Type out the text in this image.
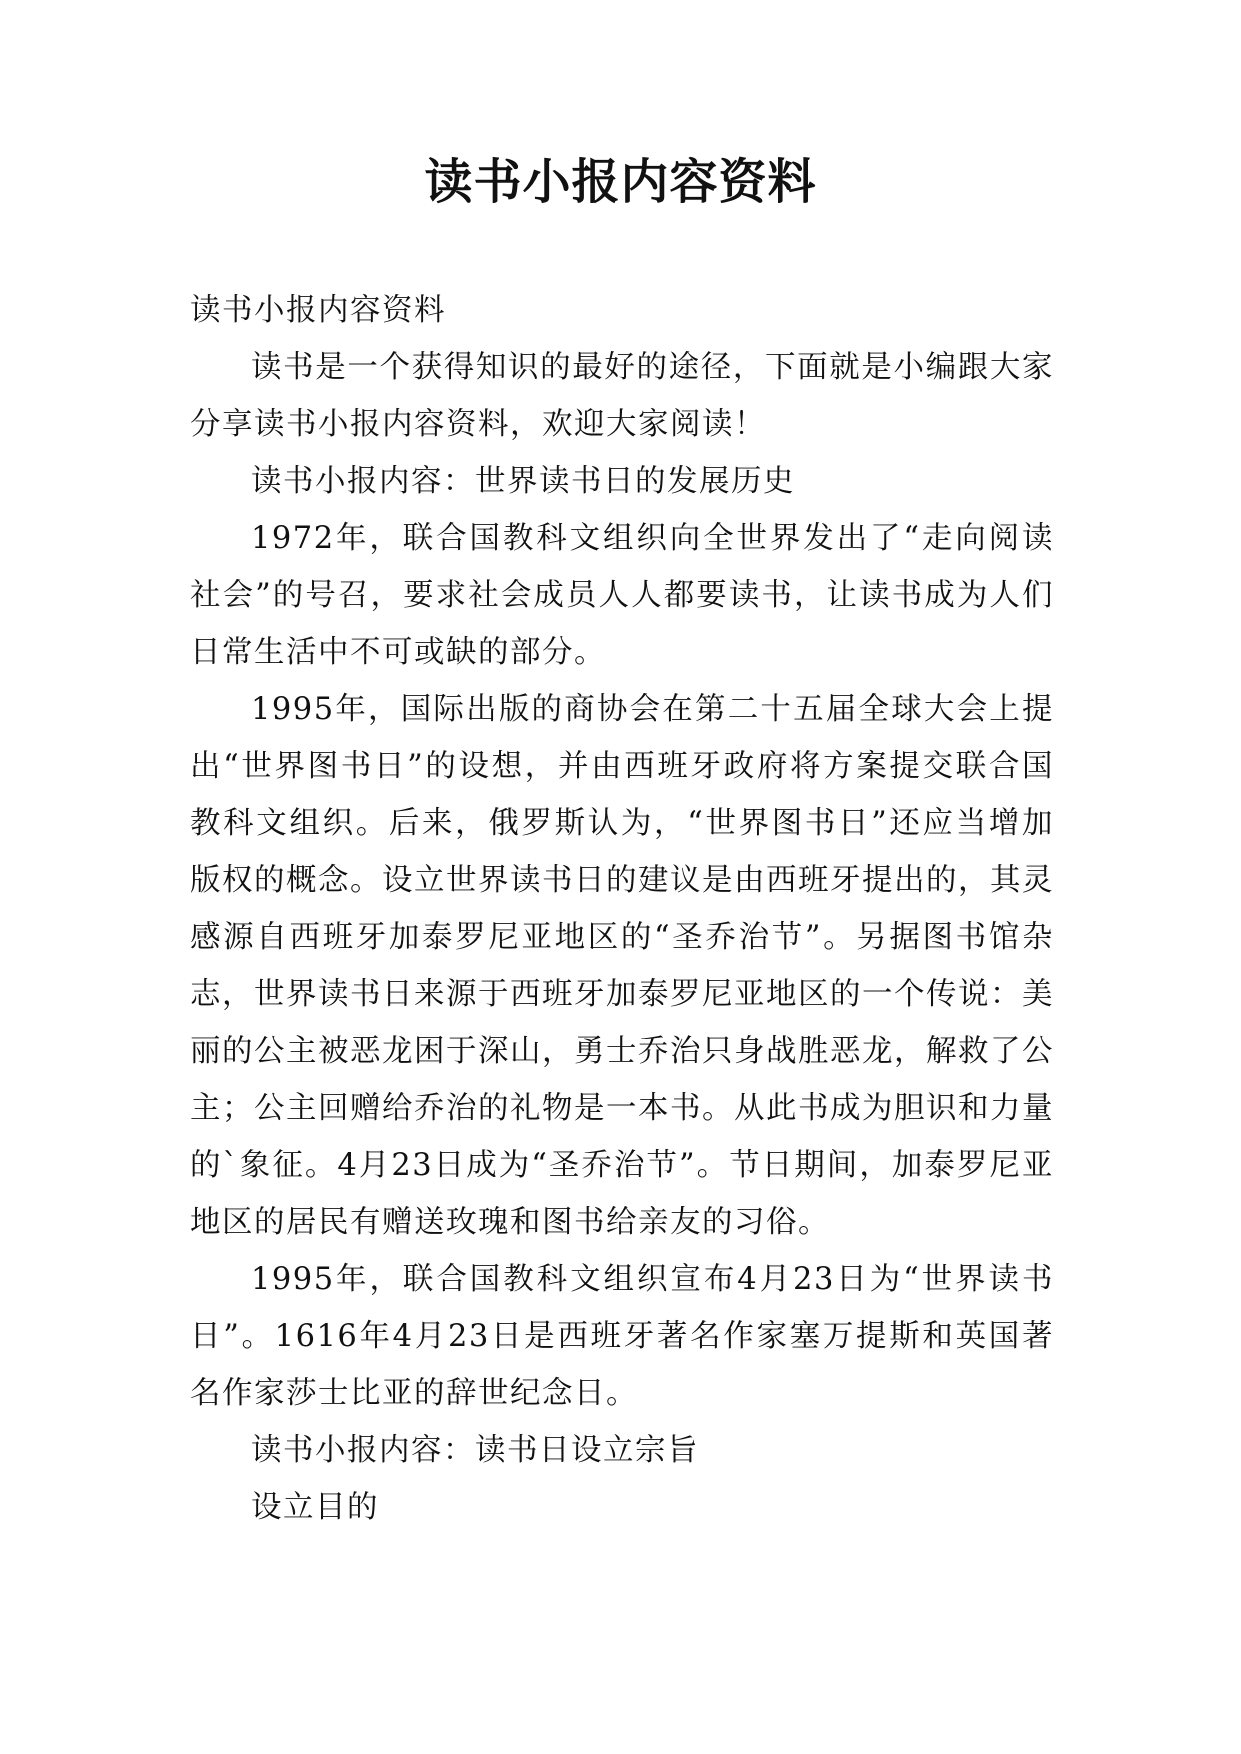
读书小报内容资料

读书小报内容资料

读书是一个获得知识的最好的途径，下面就是小编跟大家分享读书小报内容资料，欢迎大家阅读！

读书小报内容：世界读书日的发展历史

1972年，联合国教科文组织向全世界发出了“走向阅读社会”的号召，要求社会成员人人都要读书，让读书成为人们日常生活中不可或缺的部分。

1995年，国际出版的商协会在第二十五届全球大会上提出“世界图书日”的设想，并由西班牙政府将方案提交联合国教科文组织。后来，俄罗斯认为，“世界图书日”还应当增加版权的概念。设立世界读书日的建议是由西班牙提出的，其灵感源自西班牙加泰罗尼亚地区的“圣乔治节”。另据图书馆杂志，世界读书日来源于西班牙加泰罗尼亚地区的一个传说：美丽的公主被恶龙困于深山，勇士乔治只身战胜恶龙，解救了公主；公主回赠给乔治的礼物是一本书。从此书成为胆识和力量的`象征。4月23日成为“圣乔治节”。节日期间，加泰罗尼亚地区的居民有赠送玫瑰和图书给亲友的习俗。

1995年，联合国教科文组织宣布4月23日为“世界读书日”。1616年4月23日是西班牙著名作家塞万提斯和英国著名作家莎士比亚的辞世纪念日。

读书小报内容：读书日设立宗旨

设立目的
